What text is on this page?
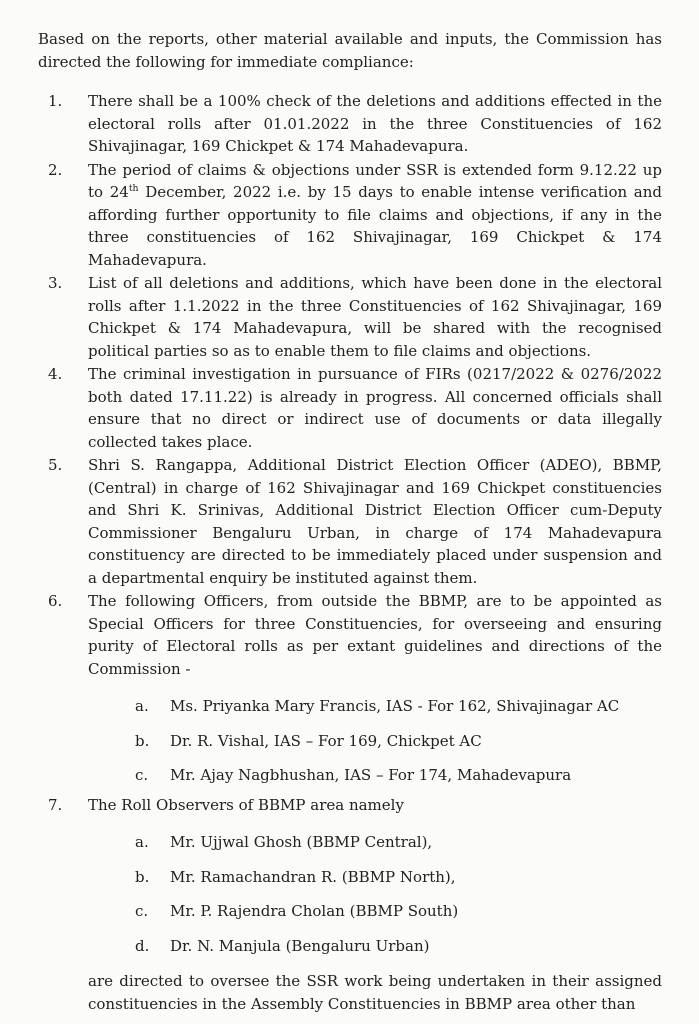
Based on the reports, other material available and inputs, the Commission has directed the following for immediate compliance:

1.	There shall be a 100% check of the deletions and additions effected in the electoral rolls after 01.01.2022 in the three Constituencies of 162 Shivajinagar, 169 Chickpet & 174 Mahadevapura.
2.	The period of claims & objections under SSR is extended form 9.12.22 up to 24th December, 2022 i.e. by 15 days to enable intense verification and affording further opportunity to file claims and objections, if any in the three constituencies of 162 Shivajinagar, 169 Chickpet & 174 Mahadevapura.
3.	List of all deletions and additions, which have been done in the electoral rolls after 1.1.2022 in the three Constituencies of 162 Shivajinagar, 169 Chickpet & 174 Mahadevapura, will be shared with the recognised political parties so as to enable them to file claims and objections.
4.	The criminal investigation in pursuance of FIRs (0217/2022 & 0276/2022 both dated 17.11.22) is already in progress. All concerned officials shall ensure that no direct or indirect use of documents or data illegally collected takes place.
5.	Shri S. Rangappa, Additional District Election Officer (ADEO), BBMP, (Central) in charge of 162 Shivajinagar and 169 Chickpet constituencies and Shri K. Srinivas, Additional District Election Officer cum-Deputy Commissioner Bengaluru Urban, in charge of 174 Mahadevapura constituency are directed to be immediately placed under suspension and a departmental enquiry be instituted against them.
6.	The following Officers, from outside the BBMP, are to be appointed as Special Officers for three Constituencies, for overseeing and ensuring purity of Electoral rolls as per extant guidelines and directions of the Commission -
a.	Ms. Priyanka Mary Francis, IAS - For 162, Shivajinagar AC
b.	Dr. R. Vishal, IAS – For 169, Chickpet AC
c.	Mr. Ajay Nagbhushan, IAS – For 174, Mahadevapura
7.	The Roll Observers of BBMP area namely
a.	Mr. Ujjwal Ghosh (BBMP Central),
b.	Mr. Ramachandran R. (BBMP North),
c.	Mr. P. Rajendra Cholan (BBMP South)
d.	Dr. N. Manjula (Bengaluru Urban)
are directed to oversee the SSR work being undertaken in their assigned constituencies in the Assembly Constituencies in BBMP area other than
